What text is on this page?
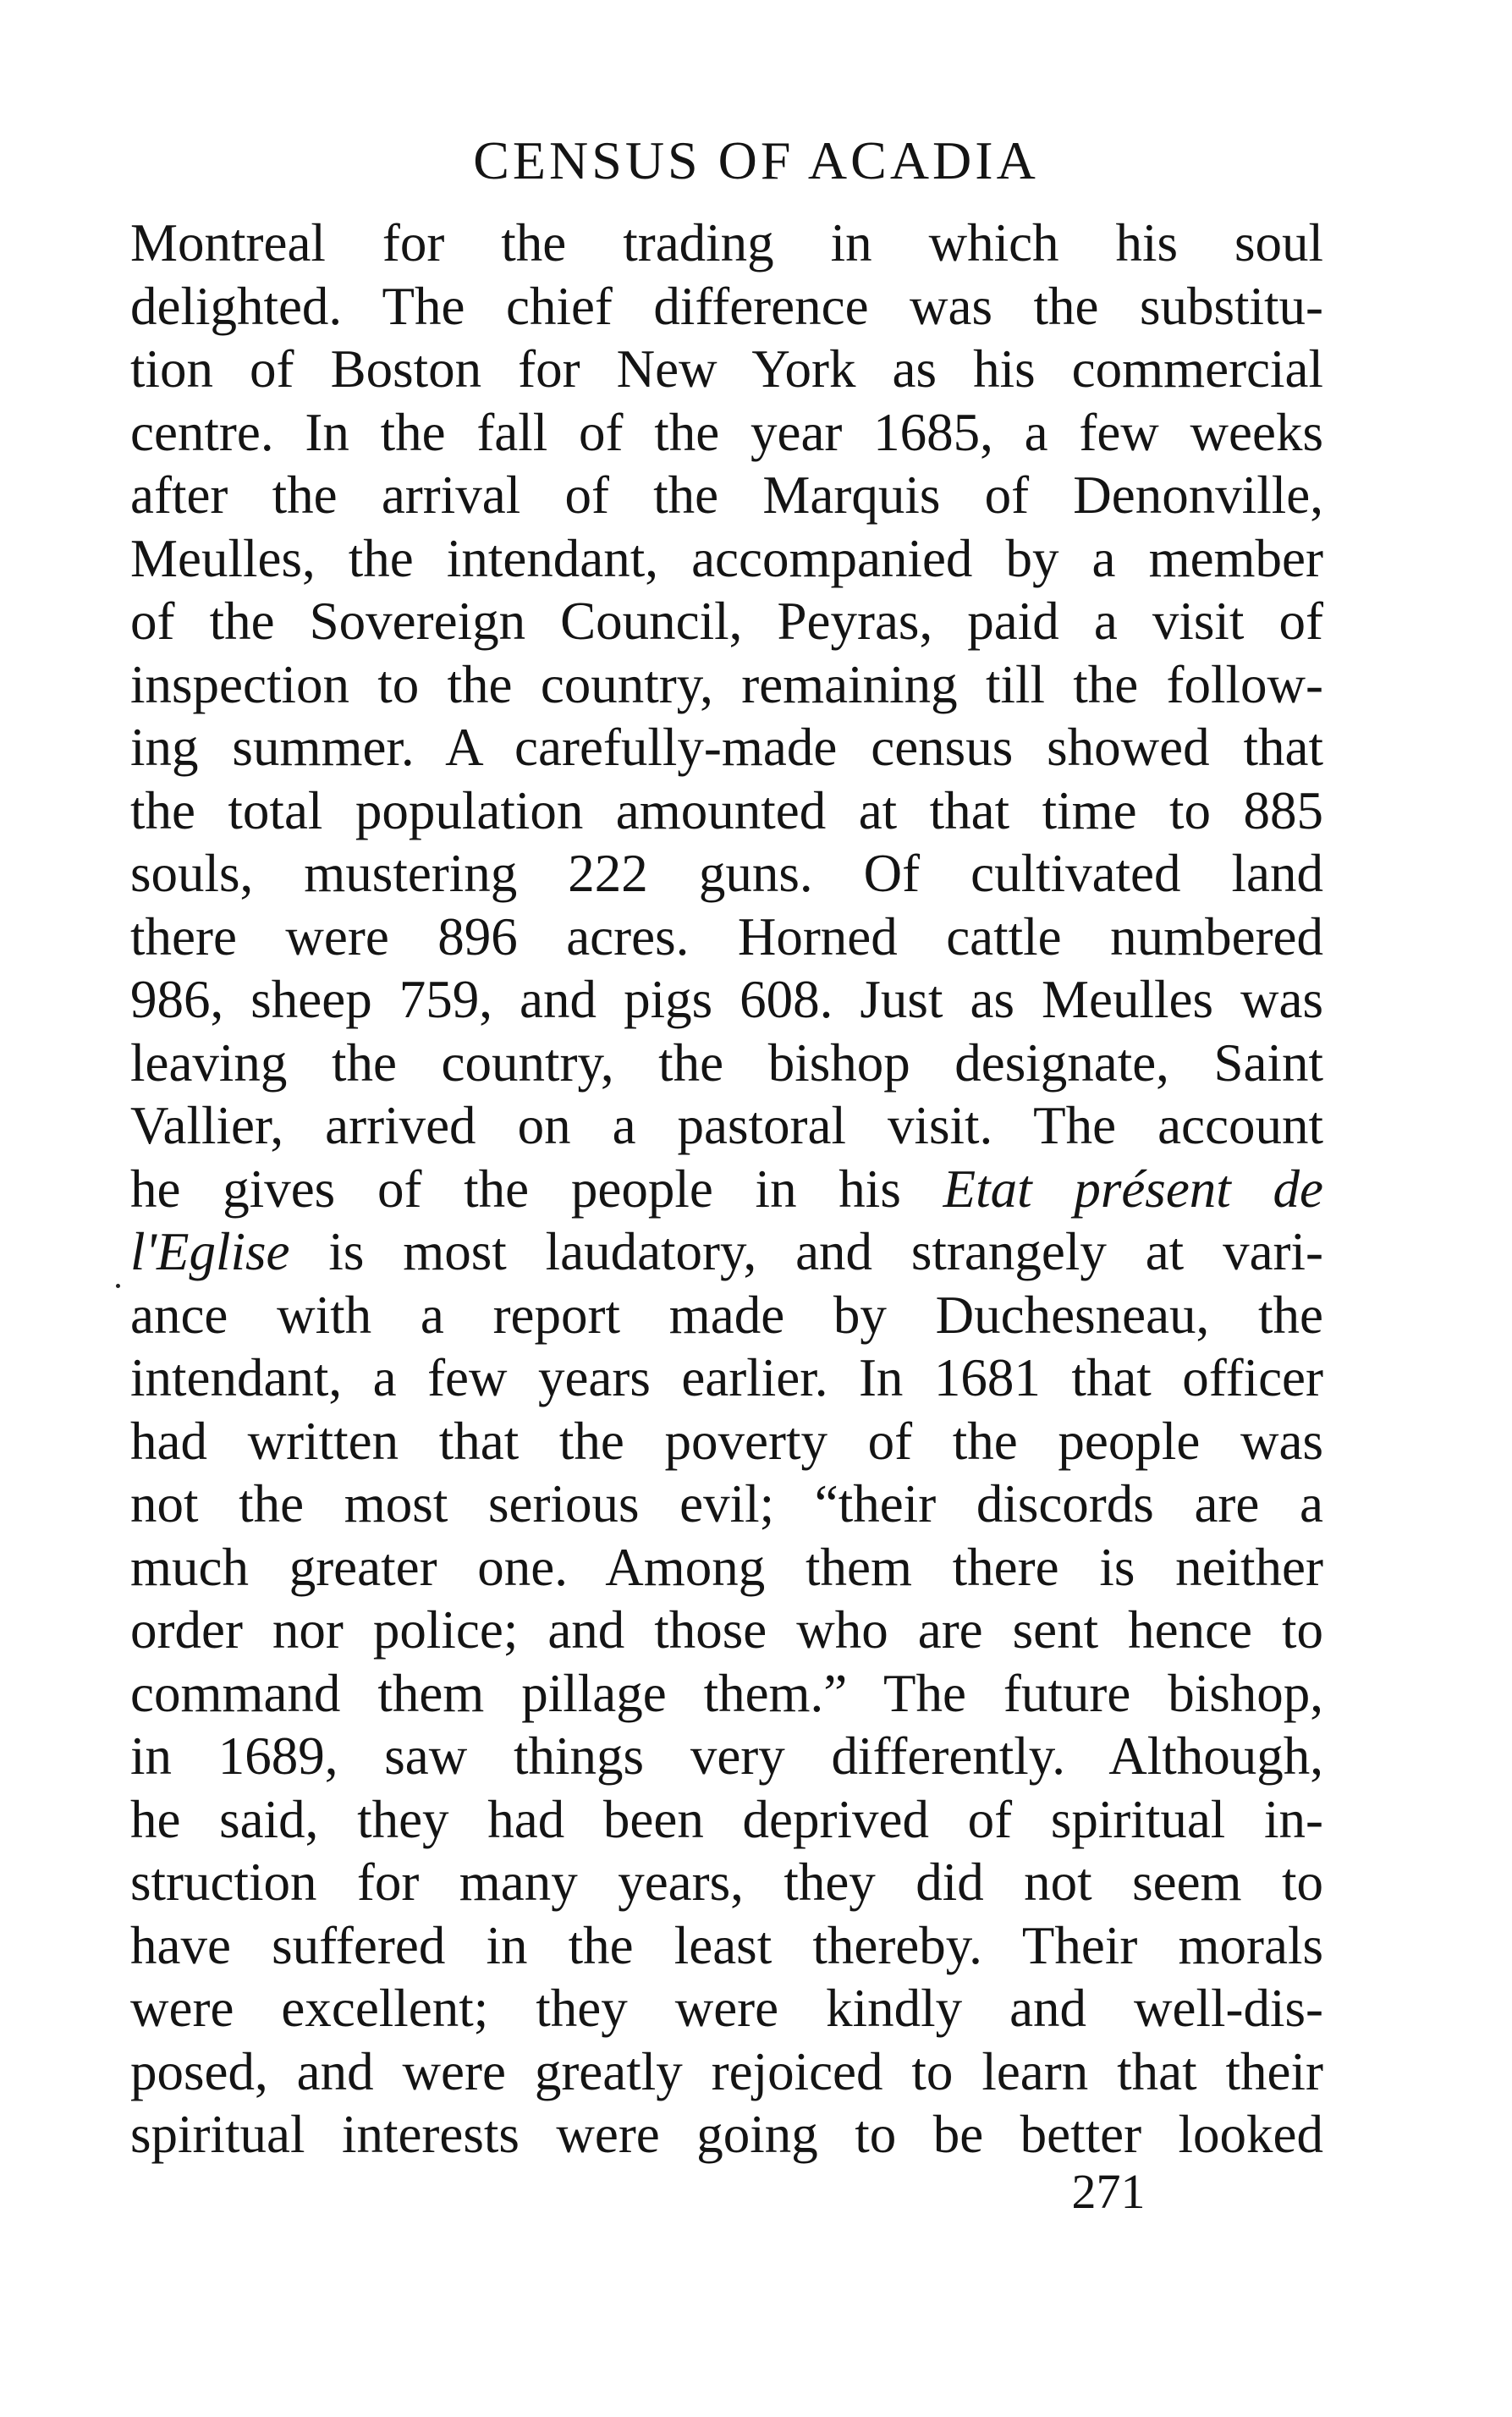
CENSUS OF ACADIA
Montreal for the trading in which his soul
delighted. The chief difference was the substitu-
tion of Boston for New York as his commercial
centre. In the fall of the year 1685, a few weeks
after the arrival of the Marquis of Denonville,
Meulles, the intendant, accompanied by a member
of the Sovereign Council, Peyras, paid a visit of
inspection to the country, remaining till the follow-
ing summer. A carefully-made census showed that
the total population amounted at that time to 885
souls, mustering 222 guns. Of cultivated land
there were 896 acres. Horned cattle numbered
986, sheep 759, and pigs 608. Just as Meulles was
leaving the country, the bishop designate, Saint
Vallier, arrived on a pastoral visit. The account
he gives of the people in his Etat présent de
l'Eglise is most laudatory, and strangely at vari-
ance with a report made by Duchesneau, the
intendant, a few years earlier. In 1681 that officer
had written that the poverty of the people was
not the most serious evil; “their discords are a
much greater one. Among them there is neither
order nor police; and those who are sent hence to
command them pillage them.” The future bishop,
in 1689, saw things very differently. Although,
he said, they had been deprived of spiritual in-
struction for many years, they did not seem to
have suffered in the least thereby. Their morals
were excellent; they were kindly and well-dis-
posed, and were greatly rejoiced to learn that their
spiritual interests were going to be better looked
271
